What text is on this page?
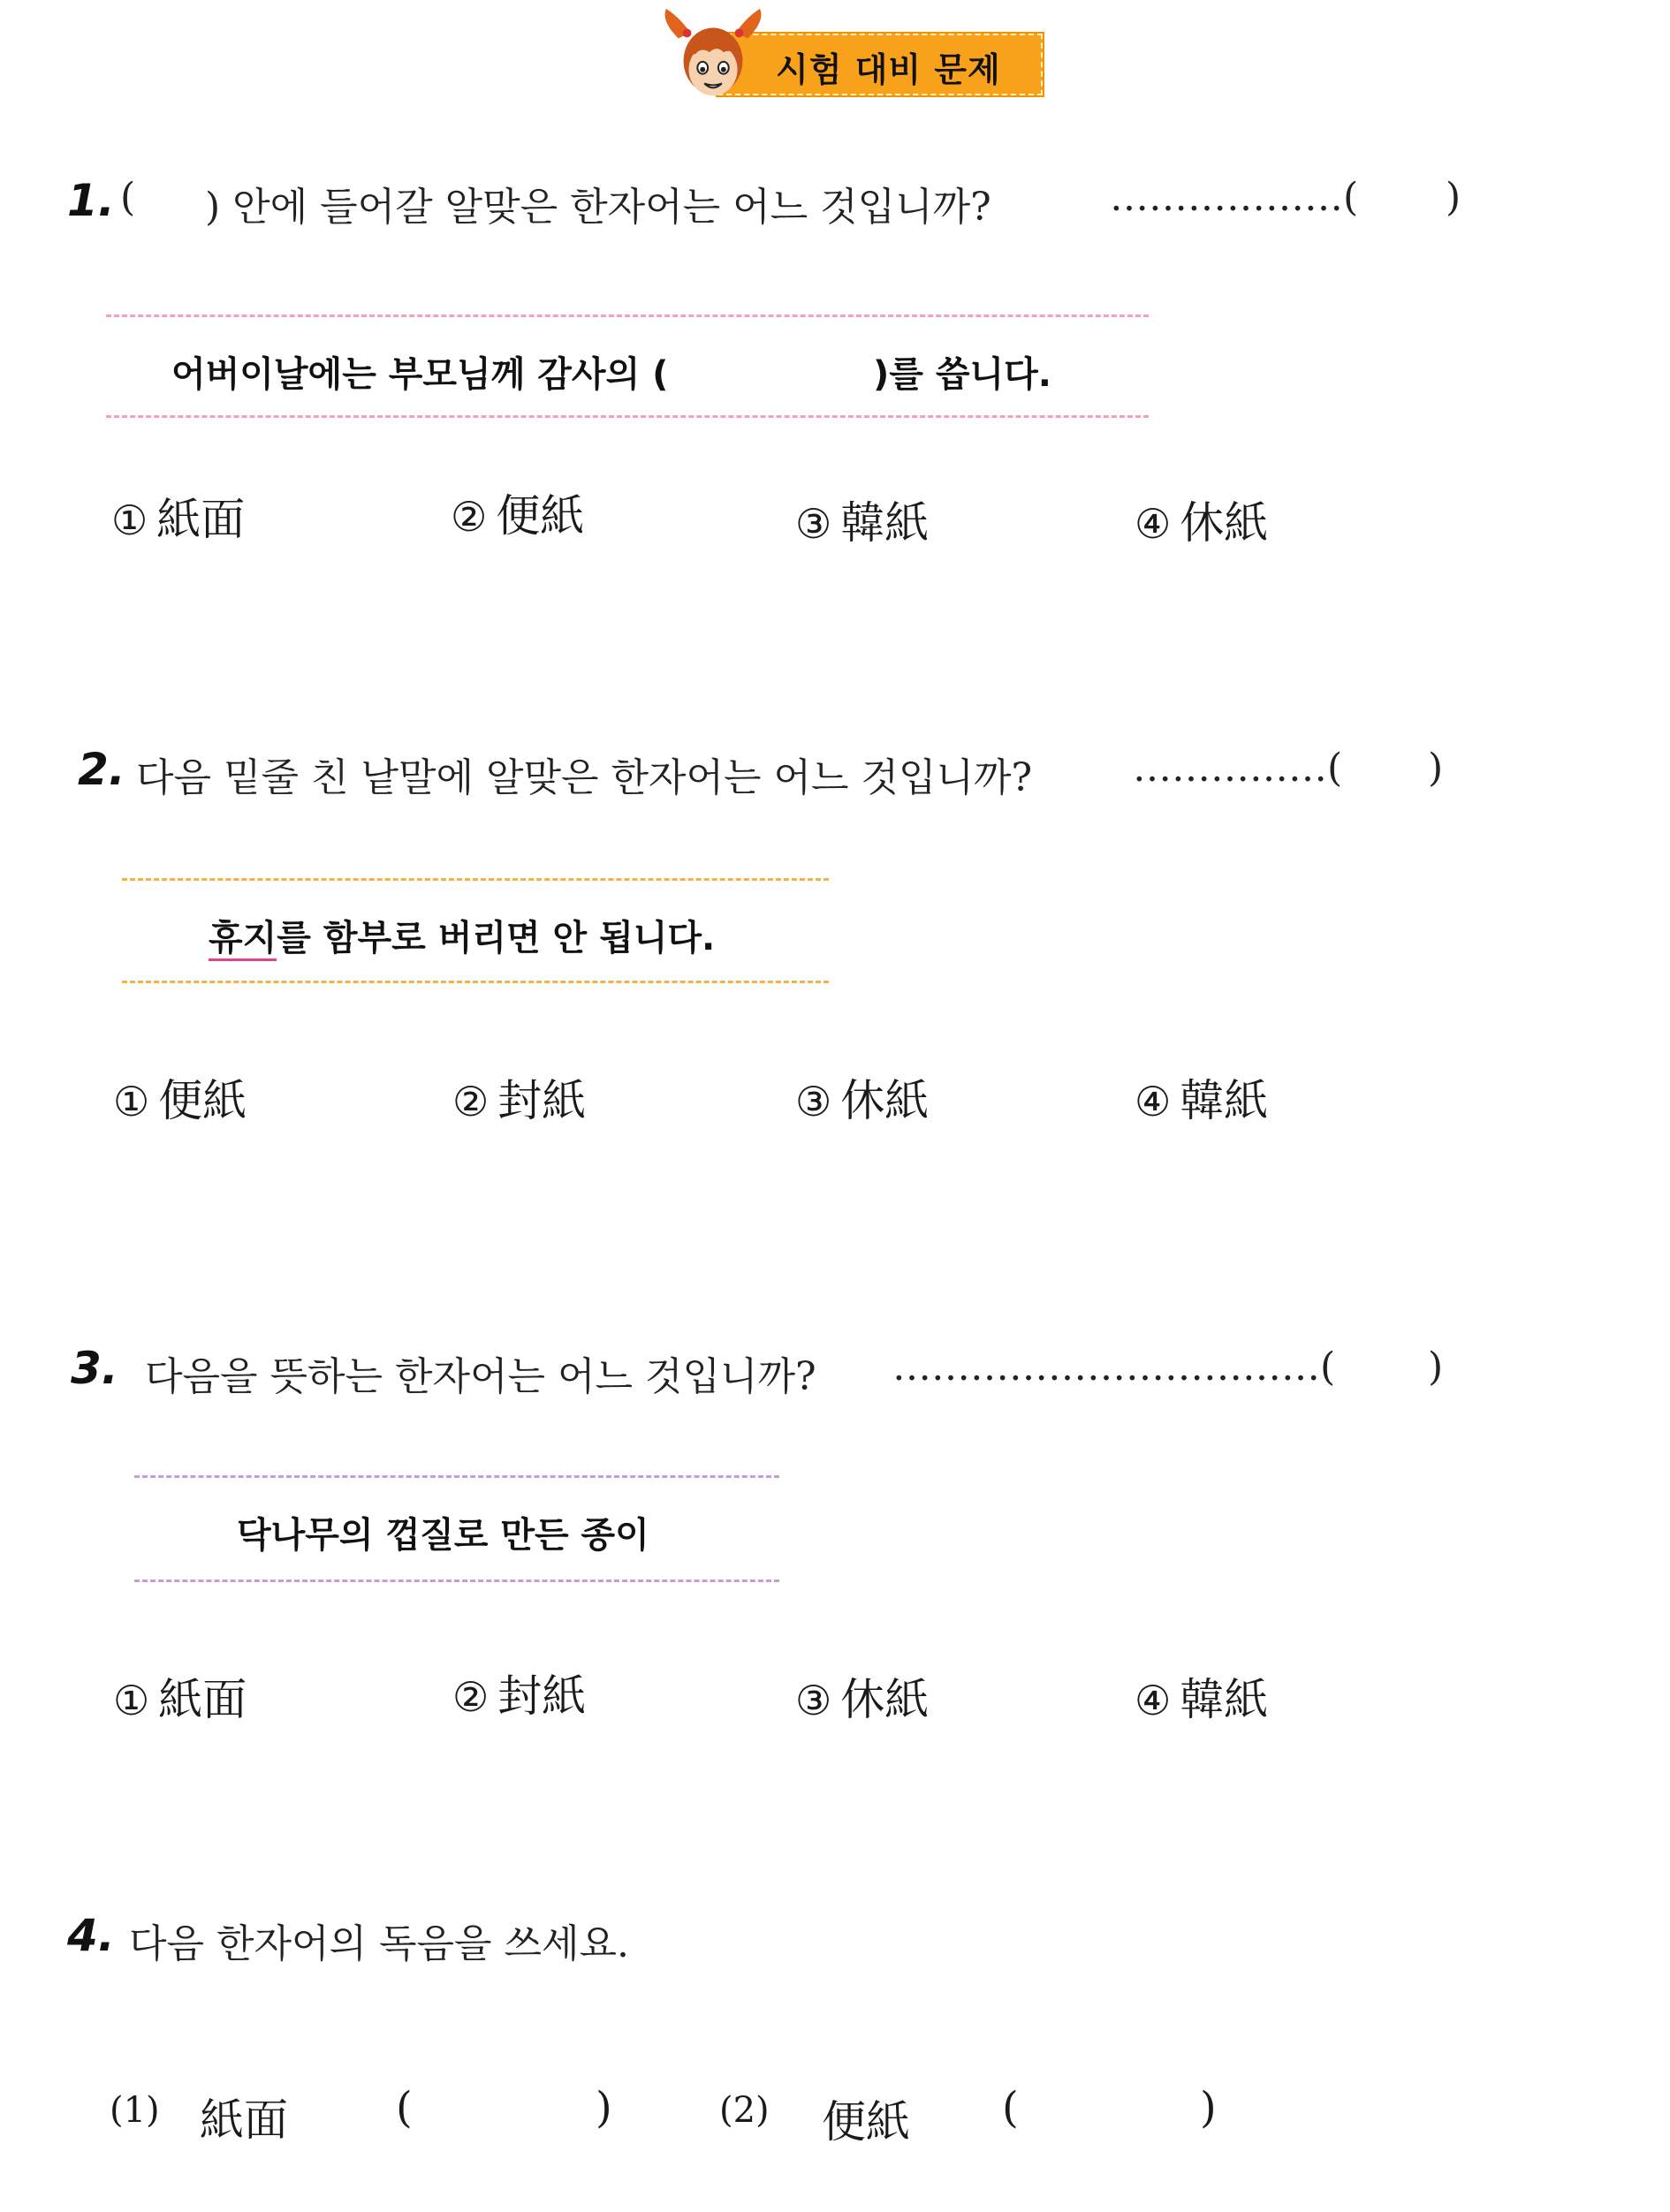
시험 대비 문제
1. ( ) 안에 들어갈 알맞은 한자어는 어느 것입니까?	………………( )
어버이날에는 부모님께 감사의 (	)를 씁니다.
① 紙面	② 便紙	③ 韓紙	④ 休紙
2. 다음 밑줄 친 낱말에 알맞은 한자어는 어느 것입니까?	……………( )
휴지를 함부로 버리면 안 됩니다.
① 便紙	② 封紙	③ 休紙	④ 韓紙
3. 다음을 뜻하는 한자어는 어느 것입니까? ……………………………( )
닥나무의 껍질로 만든 종이
① 紙面	② 封紙	③ 休紙	④ 韓紙
4. 다음 한자어의 독음을 쓰세요.
(1) 紙面	(	)	(2) 便紙 (	)
